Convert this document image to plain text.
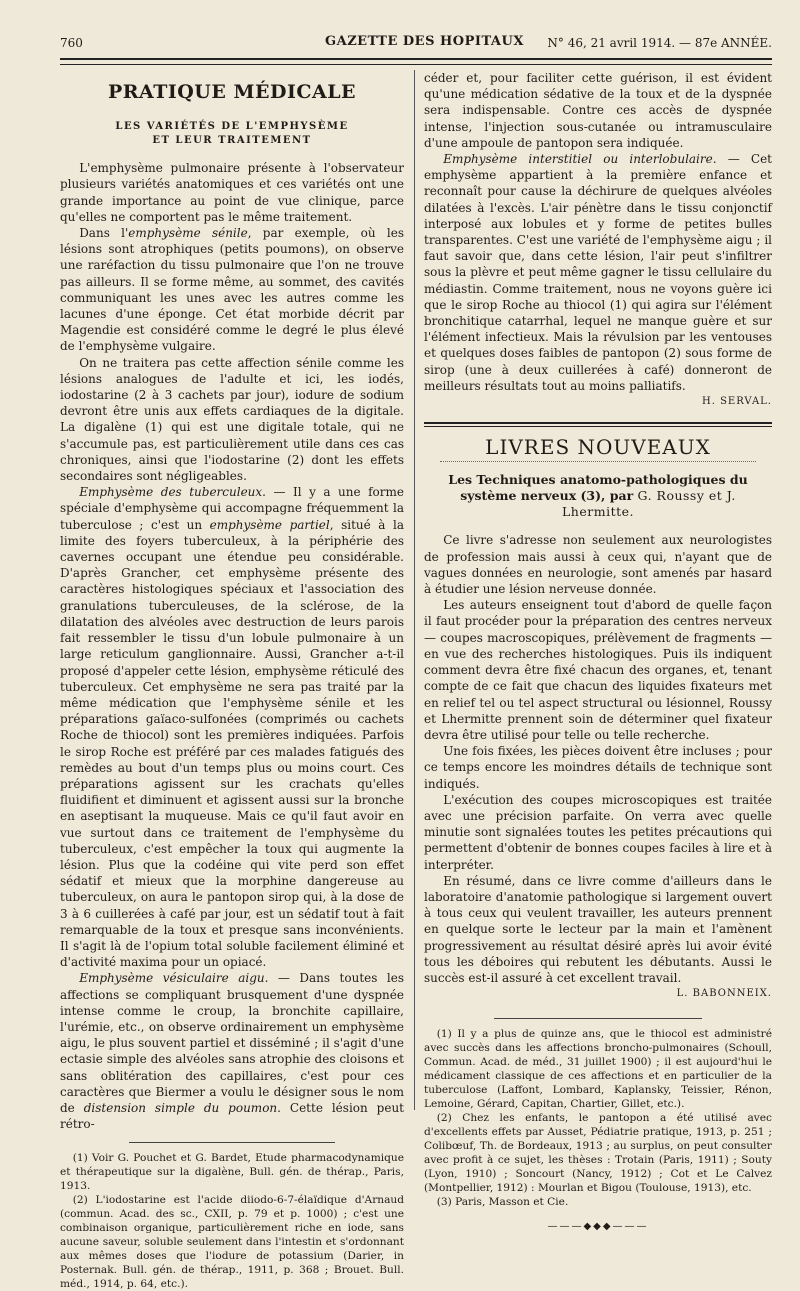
760	GAZETTE DES HOPITAUX N° 46, 21 avril 1914. — 87e ANNÉE.
PRATIQUE MÉDICALE
LES VARIÉTÉS DE L'EMPHYSÈME
ET LEUR TRAITEMENT

L'emphysème pulmonaire présente à l'observateur plusieurs variétés anatomiques et ces variétés ont une grande importance au point de vue clinique, parce qu'elles ne comportent pas le même traitement.

Dans l'emphysème sénile, par exemple, où les lésions sont atrophiques (petits poumons), on observe une raréfaction du tissu pulmonaire que l'on ne trouve pas ailleurs. Il se forme même, au sommet, des cavités communiquant les unes avec les autres comme les lacunes d'une éponge. Cet état morbide décrit par Magendie est considéré comme le degré le plus élevé de l'emphysème vulgaire.

On ne traitera pas cette affection sénile comme les lésions analogues de l'adulte et ici, les iodés, iodostarine (2 à 3 cachets par jour), iodure de sodium devront être unis aux effets cardiaques de la digitale. La digalène (1) qui est une digitale totale, qui ne s'accumule pas, est particulièrement utile dans ces cas chroniques, ainsi que l'iodostarine (2) dont les effets secondaires sont négligeables.

Emphysème des tuberculeux. — Il y a une forme spéciale d'emphysème qui accompagne fréquemment la tuberculose ; c'est un emphysème partiel, situé à la limite des foyers tuberculeux, à la périphérie des cavernes occupant une étendue peu considérable. D'après Grancher, cet emphysème présente des caractères histologiques spéciaux et l'association des granulations tuberculeuses, de la sclérose, de la dilatation des alvéoles avec destruction de leurs parois fait ressembler le tissu d'un lobule pulmonaire à un large reticulum ganglionnaire. Aussi, Grancher a-t-il proposé d'appeler cette lésion, emphysème réticulé des tuberculeux. Cet emphysème ne sera pas traité par la même médication que l'emphysème sénile et les préparations gaïaco-sulfonées (comprimés ou cachets Roche de thiocol) sont les premières indiquées. Parfois le sirop Roche est préféré par ces malades fatigués des remèdes au bout d'un temps plus ou moins court. Ces préparations agissent sur les crachats qu'elles fluidifient et diminuent et agissent aussi sur la bronche en aseptisant la muqueuse. Mais ce qu'il faut avoir en vue surtout dans ce traitement de l'emphysème du tuberculeux, c'est empêcher la toux qui augmente la lésion. Plus que la codéine qui vite perd son effet sédatif et mieux que la morphine dangereuse au tuberculeux, on aura le pantopon sirop qui, à la dose de 3 à 6 cuillerées à café par jour, est un sédatif tout à fait remarquable de la toux et presque sans inconvénients. Il s'agit là de l'opium total soluble facilement éliminé et d'activité maxima pour un opiacé.

Emphysème vésiculaire aigu. — Dans toutes les affections se compliquant brusquement d'une dyspnée intense comme le croup, la bronchite capillaire, l'urémie, etc., on observe ordinairement un emphysème aigu, le plus souvent partiel et disséminé ; il s'agit d'une ectasie simple des alvéoles sans atrophie des cloisons et sans oblitération des capillaires, c'est pour ces caractères que Biermer a voulu le désigner sous le nom de distension simple du poumon. Cette lésion peut rétro-

(1) Voir G. Pouchet et G. Bardet, Etude pharmacodynamique et thérapeutique sur la digalène, Bull. gén. de thérap., Paris, 1913.

(2) L'iodostarine est l'acide diiodo-6-7-élaïdique d'Arnaud (commun. Acad. des sc., CXII, p. 79 et p. 1000) ; c'est une combinaison organique, particulièrement riche en iode, sans aucune saveur, soluble seulement dans l'intestin et s'ordonnant aux mêmes doses que l'iodure de potassium (Darier, in Posternak. Bull. gén. de thérap., 1911, p. 368 ; Brouet. Bull. méd., 1914, p. 64, etc.).

céder et, pour faciliter cette guérison, il est évident qu'une médication sédative de la toux et de la dyspnée sera indispensable. Contre ces accès de dyspnée intense, l'injection sous-cutanée ou intramusculaire d'une ampoule de pantopon sera indiquée.

Emphysème interstitiel ou interlobulaire. — Cet emphysème appartient à la première enfance et reconnaît pour cause la déchirure de quelques alvéoles dilatées à l'excès. L'air pénètre dans le tissu conjonctif interposé aux lobules et y forme de petites bulles transparentes. C'est une variété de l'emphysème aigu ; il faut savoir que, dans cette lésion, l'air peut s'infiltrer sous la plèvre et peut même gagner le tissu cellulaire du médiastin. Comme traitement, nous ne voyons guère ici que le sirop Roche au thiocol (1) qui agira sur l'élément bronchitique catarrhal, lequel ne manque guère et sur l'élément infectieux. Mais la révulsion par les ventouses et quelques doses faibles de pantopon (2) sous forme de sirop (une à deux cuillerées à café) donneront de meilleurs résultats tout au moins palliatifs.
H. SERVAL.

LIVRES NOUVEAUX
Les Techniques anatomo-pathologiques du système nerveux (3), par G. Roussy et J. Lhermitte.

Ce livre s'adresse non seulement aux neurologistes de profession mais aussi à ceux qui, n'ayant que de vagues données en neurologie, sont amenés par hasard à étudier une lésion nerveuse donnée.

Les auteurs enseignent tout d'abord de quelle façon il faut procéder pour la préparation des centres nerveux — coupes macroscopiques, prélèvement de fragments — en vue des recherches histologiques. Puis ils indiquent comment devra être fixé chacun des organes, et, tenant compte de ce fait que chacun des liquides fixateurs met en relief tel ou tel aspect structural ou lésionnel, Roussy et Lhermitte prennent soin de déterminer quel fixateur devra être utilisé pour telle ou telle recherche.

Une fois fixées, les pièces doivent être incluses ; pour ce temps encore les moindres détails de technique sont indiqués.

L'exécution des coupes microscopiques est traitée avec une précision parfaite. On verra avec quelle minutie sont signalées toutes les petites précautions qui permettent d'obtenir de bonnes coupes faciles à lire et à interpréter.

En résumé, dans ce livre comme d'ailleurs dans le laboratoire d'anatomie pathologique si largement ouvert à tous ceux qui veulent travailler, les auteurs prennent en quelque sorte le lecteur par la main et l'amènent progressivement au résultat désiré après lui avoir évité tous les déboires qui rebutent les débutants. Aussi le succès est-il assuré à cet excellent travail.
L. BABONNEIX.

(1) Il y a plus de quinze ans, que le thiocol est administré avec succès dans les affections broncho-pulmonaires (Schoull, Commun. Acad. de méd., 31 juillet 1900) ; il est aujourd'hui le médicament classique de ces affections et en particulier de la tuberculose (Laffont, Lombard, Kaplansky, Teissier, Rénon, Lemoine, Gérard, Capitan, Chartier, Gillet, etc.).

(2) Chez les enfants, le pantopon a été utilisé avec d'excellents effets par Ausset, Pédiatrie pratique, 1913, p. 251 ; Colibœuf, Th. de Bordeaux, 1913 ; au surplus, on peut consulter avec profit à ce sujet, les thèses : Trotain (Paris, 1911) ; Souty (Lyon, 1910) ; Soncourt (Nancy, 1912) ; Cot et Le Calvez (Montpellier, 1912) : Mourlan et Bigou (Toulouse, 1913), etc.

(3) Paris, Masson et Cie.

———◆◆◆———
